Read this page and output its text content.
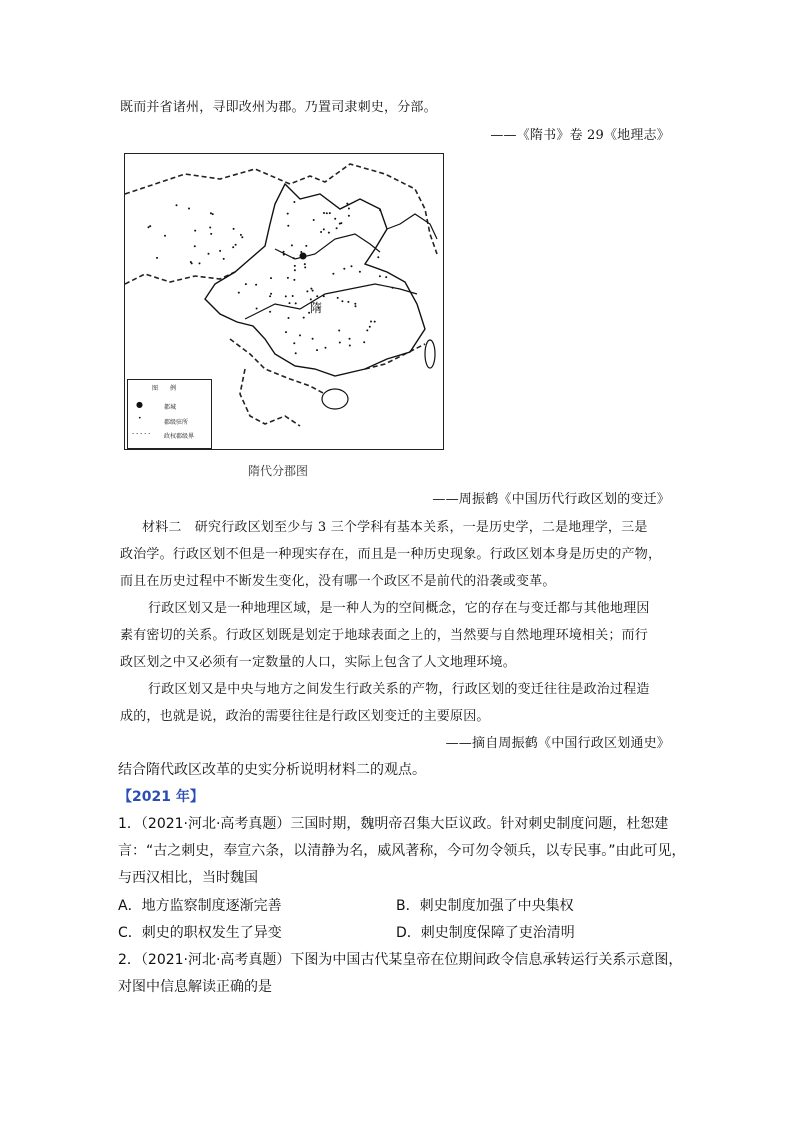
既而并省诸州，寻即改州为郡。乃置司隶刺史，分部。
——《隋书》卷 29《地理志》
隋
图　　例
●	都城
•
郡级驻所
- - - - - 政权郡级界
隋代分郡图
——周振鹤《中国历代行政区划的变迁》
材料二　研究行政区划至少与 3 三个学科有基本关系，一是历史学，二是地理学，三是
政治学。行政区划不但是一种现实存在，而且是一种历史现象。行政区划本身是历史的产物，
而且在历史过程中不断发生变化，没有哪一个政区不是前代的沿袭或变革。
行政区划又是一种地理区域，是一种人为的空间概念，它的存在与变迁都与其他地理因
素有密切的关系。行政区划既是划定于地球表面之上的，当然要与自然地理环境相关；而行
政区划之中又必须有一定数量的人口，实际上包含了人文地理环境。
行政区划又是中央与地方之间发生行政关系的产物，行政区划的变迁往往是政治过程造
成的，也就是说，政治的需要往往是行政区划变迁的主要原因。
——摘自周振鹤《中国行政区划通史》
结合隋代政区改革的史实分析说明材料二的观点。
【2021 年】
1．（2021·河北·高考真题）三国时期，魏明帝召集大臣议政。针对刺史制度问题，杜恕建
言：“古之刺史，奉宣六条，以清静为名，威风著称，今可勿令领兵，以专民事。”由此可见，
与西汉相比，当时魏国
A．地方监察制度逐渐完善	B．刺史制度加强了中央集权
C．刺史的职权发生了异变	D．刺史制度保障了吏治清明
2．（2021·河北·高考真题）下图为中国古代某皇帝在位期间政令信息承转运行关系示意图，
对图中信息解读正确的是
